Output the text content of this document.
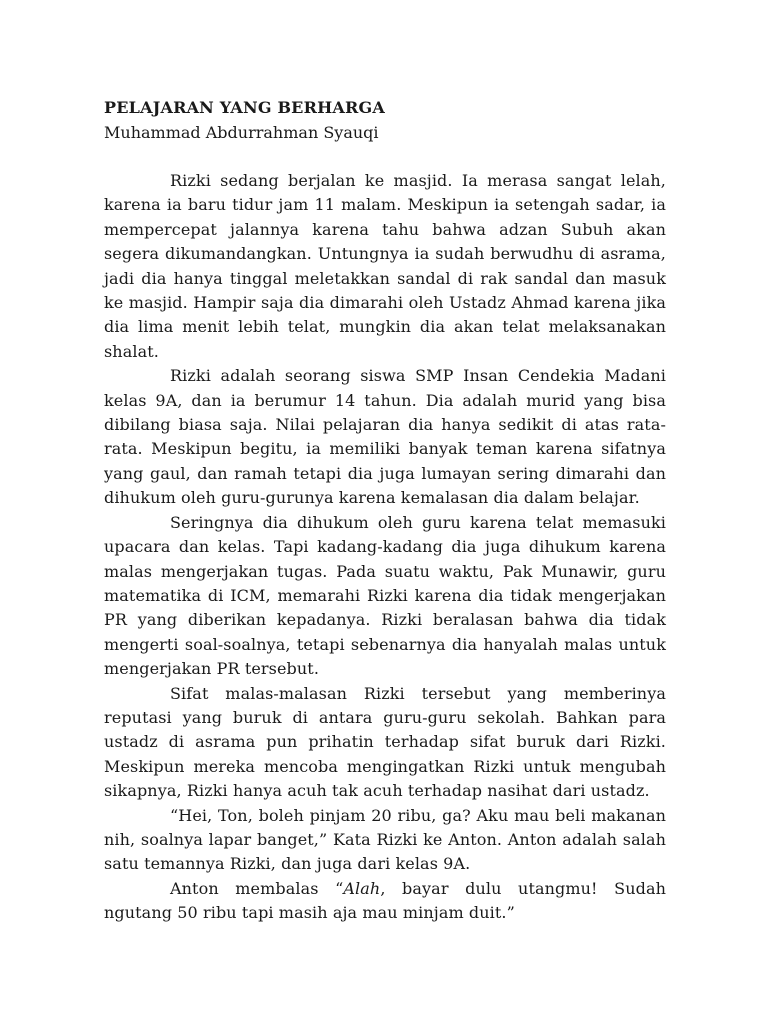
PELAJARAN YANG BERHARGA

Muhammad Abdurrahman Syauqi

Rizki sedang berjalan ke masjid. Ia merasa sangat lelah, karena ia baru tidur jam 11 malam. Meskipun ia setengah sadar, ia mempercepat jalannya karena tahu bahwa adzan Subuh akan segera dikumandangkan. Untungnya ia sudah berwudhu di asrama, jadi dia hanya tinggal meletakkan sandal di rak sandal dan masuk ke masjid. Hampir saja dia dimarahi oleh Ustadz Ahmad karena jika dia lima menit lebih telat, mungkin dia akan telat melaksanakan shalat.

Rizki adalah seorang siswa SMP Insan Cendekia Madani kelas 9A, dan ia berumur 14 tahun. Dia adalah murid yang bisa dibilang biasa saja. Nilai pelajaran dia hanya sedikit di atas rata-rata. Meskipun begitu, ia memiliki banyak teman karena sifatnya yang gaul, dan ramah tetapi dia juga lumayan sering dimarahi dan dihukum oleh guru-gurunya karena kemalasan dia dalam belajar.

Seringnya dia dihukum oleh guru karena telat memasuki upacara dan kelas. Tapi kadang-kadang dia juga dihukum karena malas mengerjakan tugas. Pada suatu waktu, Pak Munawir, guru matematika di ICM, memarahi Rizki karena dia tidak mengerjakan PR yang diberikan kepadanya. Rizki beralasan bahwa dia tidak mengerti soal-soalnya, tetapi sebenarnya dia hanyalah malas untuk mengerjakan PR tersebut.

Sifat malas-malasan Rizki tersebut yang memberinya reputasi yang buruk di antara guru-guru sekolah. Bahkan para ustadz di asrama pun prihatin terhadap sifat buruk dari Rizki. Meskipun mereka mencoba mengingatkan Rizki untuk mengubah sikapnya, Rizki hanya acuh tak acuh terhadap nasihat dari ustadz.

“Hei, Ton, boleh pinjam 20 ribu, ga? Aku mau beli makanan nih, soalnya lapar banget,” Kata Rizki ke Anton. Anton adalah salah satu temannya Rizki, dan juga dari kelas 9A.

Anton membalas “Alah, bayar dulu utangmu! Sudah ngutang 50 ribu tapi masih aja mau minjam duit.”
